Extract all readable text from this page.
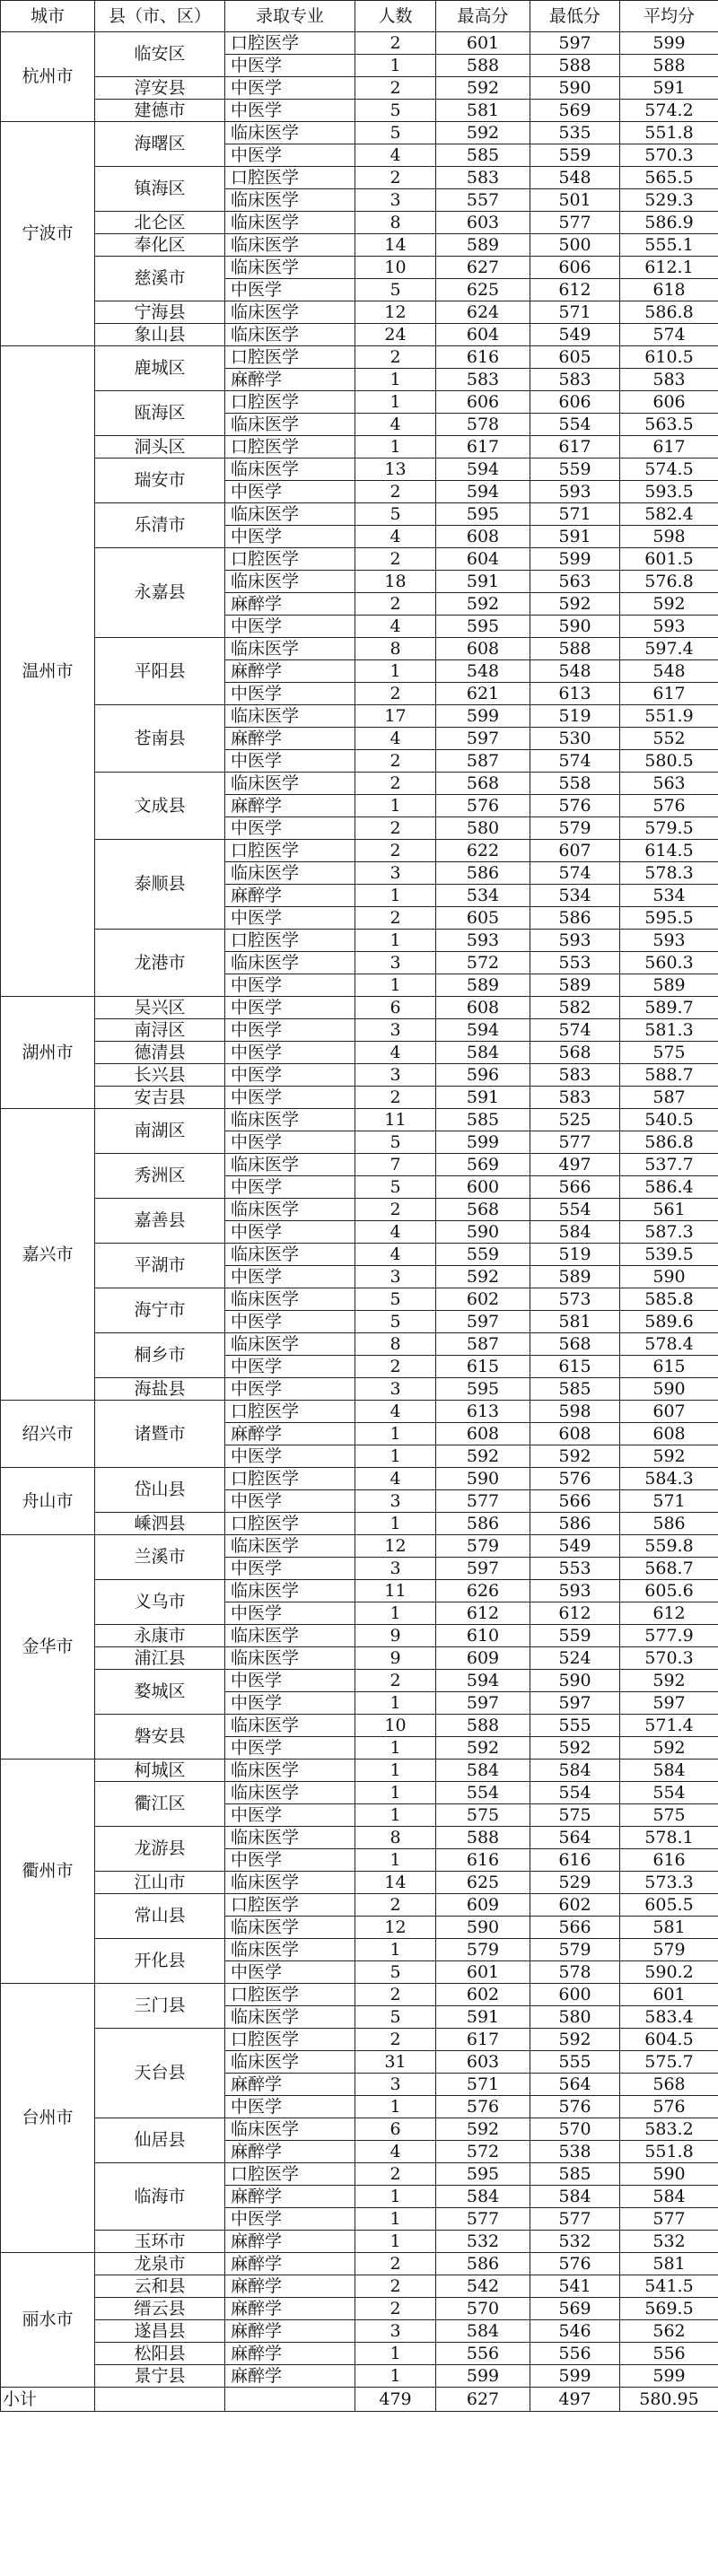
城市	县（市、区）	录取专业	人数	最高分	最低分	平均分
杭州市	临安区	口腔医学	2	601	597	599
		中医学	1	588	588	588
	淳安县	中医学	2	592	590	591
	建德市	中医学	5	581	569	574.2
宁波市	海曙区	临床医学	5	592	535	551.8
		中医学	4	585	559	570.3
	镇海区	口腔医学	2	583	548	565.5
		临床医学	3	557	501	529.3
	北仑区	临床医学	8	603	577	586.9
	奉化区	临床医学	14	589	500	555.1
	慈溪市	临床医学	10	627	606	612.1
		中医学	5	625	612	618
	宁海县	临床医学	12	624	571	586.8
	象山县	临床医学	24	604	549	574
温州市	鹿城区	口腔医学	2	616	605	610.5
		麻醉学	1	583	583	583
	瓯海区	口腔医学	1	606	606	606
		临床医学	4	578	554	563.5
	洞头区	口腔医学	1	617	617	617
	瑞安市	临床医学	13	594	559	574.5
		中医学	2	594	593	593.5
	乐清市	临床医学	5	595	571	582.4
		中医学	4	608	591	598
	永嘉县	口腔医学	2	604	599	601.5
		临床医学	18	591	563	576.8
		麻醉学	2	592	592	592
		中医学	4	595	590	593
	平阳县	临床医学	8	608	588	597.4
		麻醉学	1	548	548	548
		中医学	2	621	613	617
	苍南县	临床医学	17	599	519	551.9
		麻醉学	4	597	530	552
		中医学	2	587	574	580.5
	文成县	临床医学	2	568	558	563
		麻醉学	1	576	576	576
		中医学	2	580	579	579.5
	泰顺县	口腔医学	2	622	607	614.5
		临床医学	3	586	574	578.3
		麻醉学	1	534	534	534
		中医学	2	605	586	595.5
	龙港市	口腔医学	1	593	593	593
		临床医学	3	572	553	560.3
		中医学	1	589	589	589
湖州市	吴兴区	中医学	6	608	582	589.7
	南浔区	中医学	3	594	574	581.3
	德清县	中医学	4	584	568	575
	长兴县	中医学	3	596	583	588.7
	安吉县	中医学	2	591	583	587
嘉兴市	南湖区	临床医学	11	585	525	540.5
		中医学	5	599	577	586.8
	秀洲区	临床医学	7	569	497	537.7
		中医学	5	600	566	586.4
	嘉善县	临床医学	2	568	554	561
		中医学	4	590	584	587.3
	平湖市	临床医学	4	559	519	539.5
		中医学	3	592	589	590
	海宁市	临床医学	5	602	573	585.8
		中医学	5	597	581	589.6
	桐乡市	临床医学	8	587	568	578.4
		中医学	2	615	615	615
	海盐县	中医学	3	595	585	590
绍兴市	诸暨市	口腔医学	4	613	598	607
		麻醉学	1	608	608	608
		中医学	1	592	592	592
舟山市	岱山县	口腔医学	4	590	576	584.3
		中医学	3	577	566	571
	嵊泗县	口腔医学	1	586	586	586
金华市	兰溪市	临床医学	12	579	549	559.8
		中医学	3	597	553	568.7
	义乌市	临床医学	11	626	593	605.6
		中医学	1	612	612	612
	永康市	临床医学	9	610	559	577.9
	浦江县	临床医学	9	609	524	570.3
	婺城区	中医学	2	594	590	592
		中医学	1	597	597	597
	磐安县	临床医学	10	588	555	571.4
		中医学	1	592	592	592
衢州市	柯城区	临床医学	1	584	584	584
	衢江区	临床医学	1	554	554	554
		中医学	1	575	575	575
	龙游县	临床医学	8	588	564	578.1
		中医学	1	616	616	616
	江山市	临床医学	14	625	529	573.3
	常山县	口腔医学	2	609	602	605.5
		临床医学	12	590	566	581
	开化县	临床医学	1	579	579	579
		中医学	5	601	578	590.2
台州市	三门县	口腔医学	2	602	600	601
		临床医学	5	591	580	583.4
	天台县	口腔医学	2	617	592	604.5
		临床医学	31	603	555	575.7
		麻醉学	3	571	564	568
		中医学	1	576	576	576
	仙居县	临床医学	6	592	570	583.2
		麻醉学	4	572	538	551.8
	临海市	口腔医学	2	595	585	590
		麻醉学	1	584	584	584
		中医学	1	577	577	577
	玉环市	麻醉学	1	532	532	532
丽水市	龙泉市	麻醉学	2	586	576	581
	云和县	麻醉学	2	542	541	541.5
	缙云县	麻醉学	2	570	569	569.5
	遂昌县	麻醉学	3	584	546	562
	松阳县	麻醉学	1	556	556	556
	景宁县	麻醉学	1	599	599	599
小计			479	627	497	580.95
